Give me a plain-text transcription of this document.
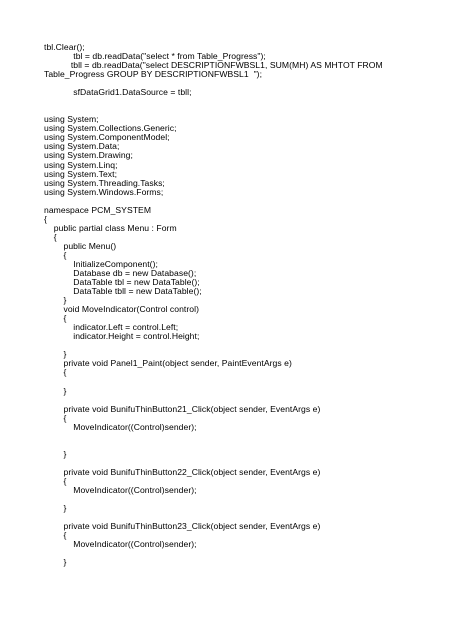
tbl.Clear();
tbl = db.readData("select * from Table_Progress");
tbll = db.readData("select DESCRIPTIONFWBSL1, SUM(MH) AS MHTOT FROM
Table_Progress GROUP BY DESCRIPTIONFWBSL1  ");
sfDataGrid1.DataSource = tbll;
using System;
using System.Collections.Generic;
using System.ComponentModel;
using System.Data;
using System.Drawing;
using System.Linq;
using System.Text;
using System.Threading.Tasks;
using System.Windows.Forms;
namespace PCM_SYSTEM
{
public partial class Menu : Form
{
public Menu()
{
InitializeComponent();
Database db = new Database();
DataTable tbl = new DataTable();
DataTable tbll = new DataTable();
}
void MoveIndicator(Control control)
{
indicator.Left = control.Left;
indicator.Height = control.Height;
}
private void Panel1_Paint(object sender, PaintEventArgs e)
{
}
private void BunifuThinButton21_Click(object sender, EventArgs e)
{
MoveIndicator((Control)sender);
}
private void BunifuThinButton22_Click(object sender, EventArgs e)
{
MoveIndicator((Control)sender);
}
private void BunifuThinButton23_Click(object sender, EventArgs e)
{
MoveIndicator((Control)sender);
}
